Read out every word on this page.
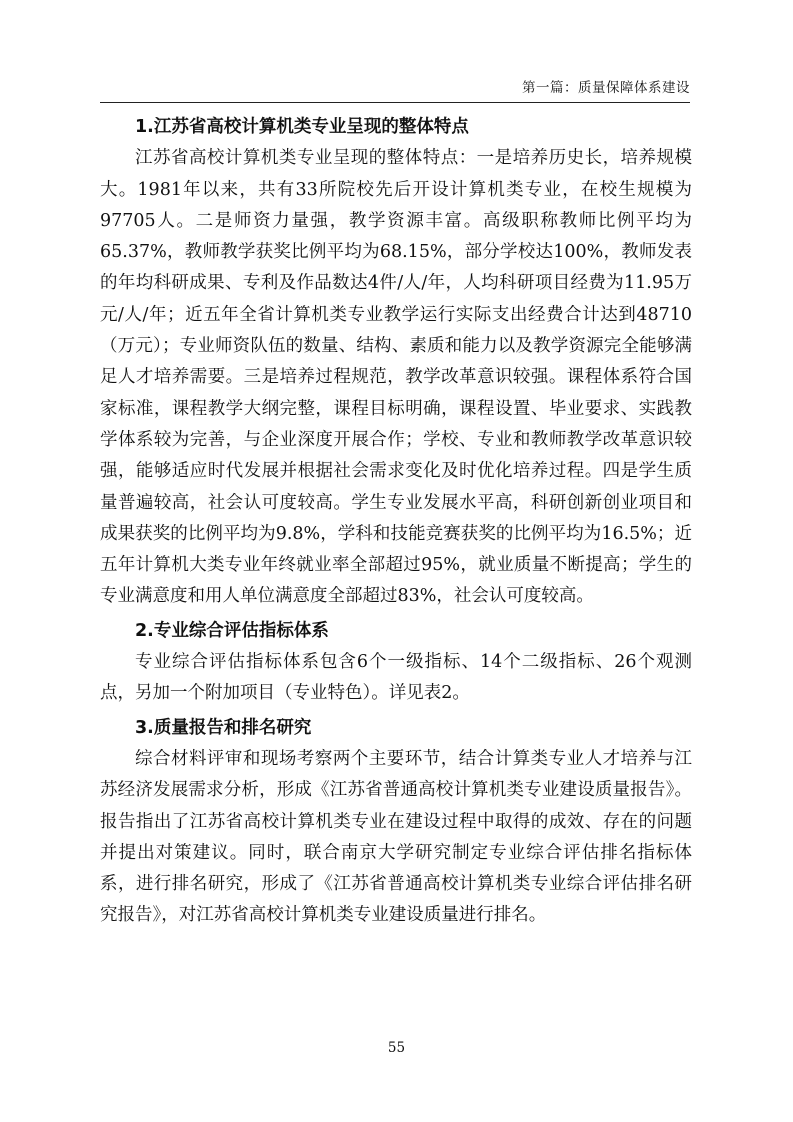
第一篇：质量保障体系建设
1.江苏省高校计算机类专业呈现的整体特点

江苏省高校计算机类专业呈现的整体特点：一是培养历史长，培养规模大。1981年以来，共有33所院校先后开设计算机类专业，在校生规模为97705人。二是师资力量强，教学资源丰富。高级职称教师比例平均为65.37%，教师教学获奖比例平均为68.15%，部分学校达100%，教师发表的年均科研成果、专利及作品数达4件/人/年，人均科研项目经费为11.95万元/人/年；近五年全省计算机类专业教学运行实际支出经费合计达到48710（万元）；专业师资队伍的数量、结构、素质和能力以及教学资源完全能够满足人才培养需要。三是培养过程规范，教学改革意识较强。课程体系符合国家标准，课程教学大纲完整，课程目标明确，课程设置、毕业要求、实践教学体系较为完善，与企业深度开展合作；学校、专业和教师教学改革意识较强，能够适应时代发展并根据社会需求变化及时优化培养过程。四是学生质量普遍较高，社会认可度较高。学生专业发展水平高，科研创新创业项目和成果获奖的比例平均为9.8%，学科和技能竞赛获奖的比例平均为16.5%；近五年计算机大类专业年终就业率全部超过95%，就业质量不断提高；学生的专业满意度和用人单位满意度全部超过83%，社会认可度较高。

2.专业综合评估指标体系

专业综合评估指标体系包含6个一级指标、14个二级指标、26个观测点，另加一个附加项目（专业特色）。详见表2。

3.质量报告和排名研究

综合材料评审和现场考察两个主要环节，结合计算类专业人才培养与江苏经济发展需求分析，形成《江苏省普通高校计算机类专业建设质量报告》。报告指出了江苏省高校计算机类专业在建设过程中取得的成效、存在的问题并提出对策建议。同时，联合南京大学研究制定专业综合评估排名指标体系，进行排名研究，形成了《江苏省普通高校计算机类专业综合评估排名研究报告》，对江苏省高校计算机类专业建设质量进行排名。

55
